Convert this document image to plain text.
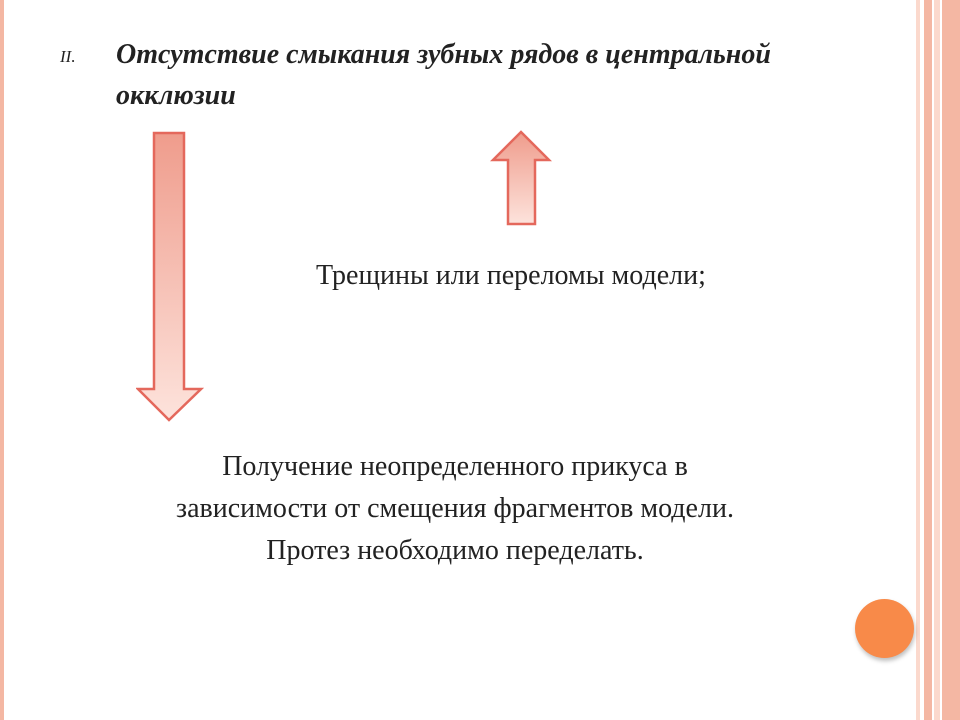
II. Отсутствие смыкания зубных рядов в центральной окклюзии
Трещины или переломы модели;
Получение неопределенного прикуса в
зависимости от смещения фрагментов модели.
Протез необходимо переделать.
